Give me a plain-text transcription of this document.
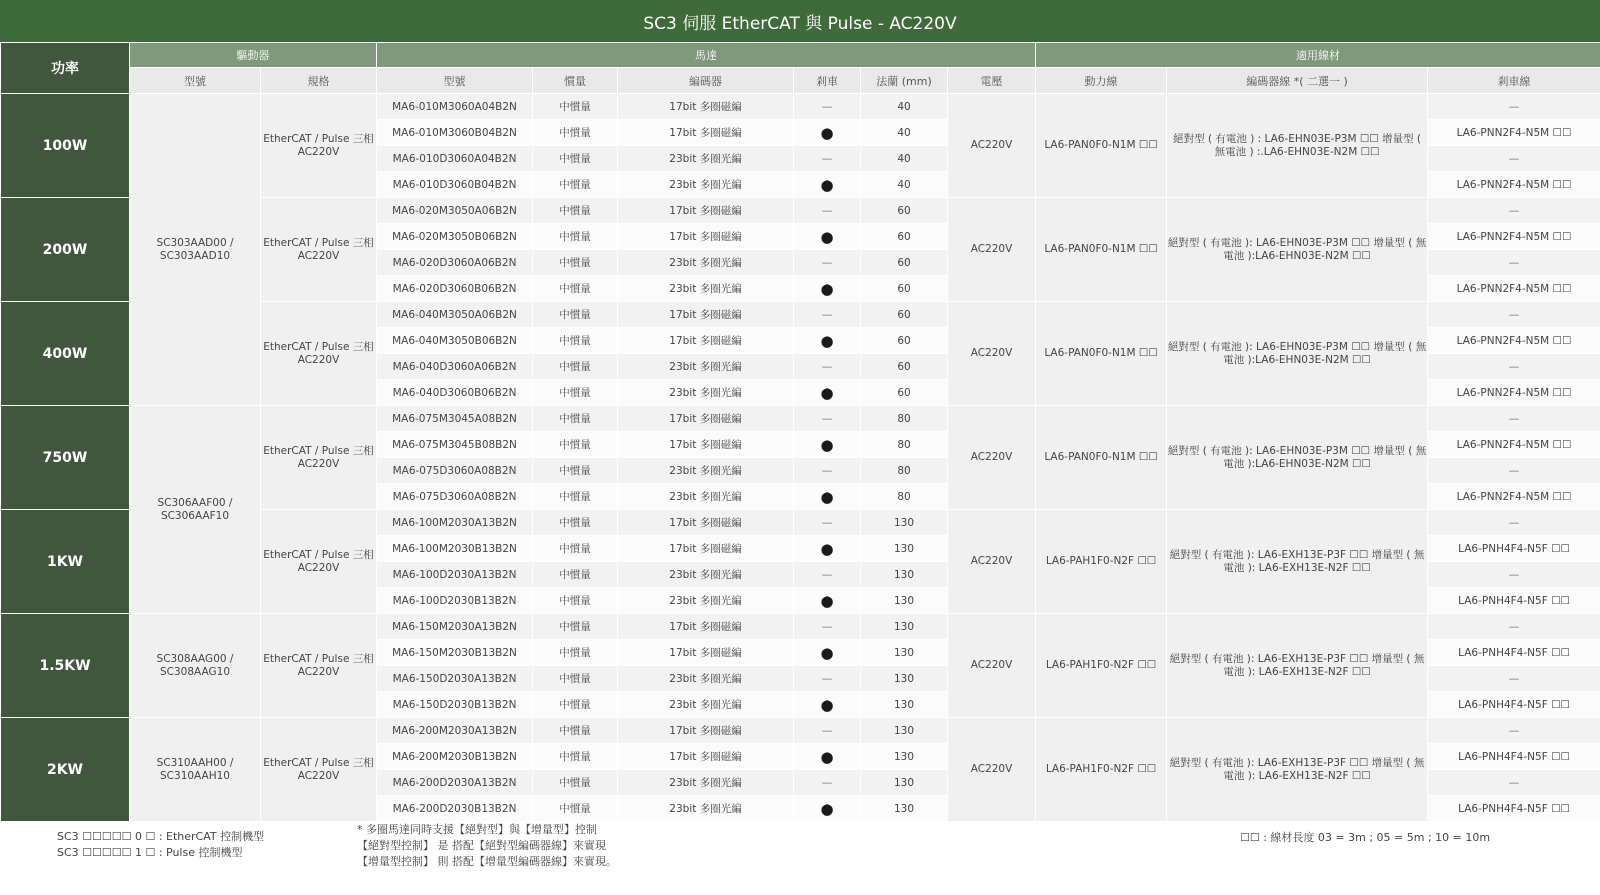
SC3 伺服 EtherCAT 與 Pulse - AC220V
功率	驅動器		馬達						適用線材		
	型號	規格	型號	慣量	編碼器	剎車	法蘭 (mm)	電壓	動力線	編碼器線 *( 二選一 )	剎車線
100W	SC303AAD00 / SC303AAD10	EtherCAT / Pulse 三相 AC220V	MA6-010M3060A04B2N	中慣量	17bit 多圈磁編	—	40	AC220V	LA6-PAN0F0-N1M ☐☐	絕對型 ( 有電池 ) : LA6-EHN03E-P3M ☐☐ 增量型 ( 無電池 ) :.LA6-EHN03E-N2M ☐☐	—
			MA6-010M3060B04B2N	中慣量	17bit 多圈磁編	●	40				LA6-PNN2F4-N5M ☐☐
			MA6-010D3060A04B2N	中慣量	23bit 多圈光編	—	40				—
			MA6-010D3060B04B2N	中慣量	23bit 多圈光編	●	40				LA6-PNN2F4-N5M ☐☐
200W		EtherCAT / Pulse 三相 AC220V	MA6-020M3050A06B2N	中慣量	17bit 多圈磁編	—	60	AC220V	LA6-PAN0F0-N1M ☐☐	絕對型 ( 有電池 ): LA6-EHN03E-P3M ☐☐ 增量型 ( 無電池 ):LA6-EHN03E-N2M ☐☐	—
			MA6-020M3050B06B2N	中慣量	17bit 多圈磁編	●	60				LA6-PNN2F4-N5M ☐☐
			MA6-020D3060A06B2N	中慣量	23bit 多圈光編	—	60				—
			MA6-020D3060B06B2N	中慣量	23bit 多圈光編	●	60				LA6-PNN2F4-N5M ☐☐
400W		EtherCAT / Pulse 三相 AC220V	MA6-040M3050A06B2N	中慣量	17bit 多圈磁編	—	60	AC220V	LA6-PAN0F0-N1M ☐☐	絕對型 ( 有電池 ): LA6-EHN03E-P3M ☐☐ 增量型 ( 無電池 ):LA6-EHN03E-N2M ☐☐	—
			MA6-040M3050B06B2N	中慣量	17bit 多圈磁編	●	60				LA6-PNN2F4-N5M ☐☐
			MA6-040D3060A06B2N	中慣量	23bit 多圈光編	—	60				—
			MA6-040D3060B06B2N	中慣量	23bit 多圈光編	●	60				LA6-PNN2F4-N5M ☐☐
750W	SC306AAF00 / SC306AAF10	EtherCAT / Pulse 三相 AC220V	MA6-075M3045A08B2N	中慣量	17bit 多圈磁編	—	80	AC220V	LA6-PAN0F0-N1M ☐☐	絕對型 ( 有電池 ): LA6-EHN03E-P3M ☐☐ 增量型 ( 無電池 ):LA6-EHN03E-N2M ☐☐	—
			MA6-075M3045B08B2N	中慣量	17bit 多圈磁編	●	80				LA6-PNN2F4-N5M ☐☐
			MA6-075D3060A08B2N	中慣量	23bit 多圈光編	—	80				—
			MA6-075D3060A08B2N	中慣量	23bit 多圈光編	●	80				LA6-PNN2F4-N5M ☐☐
1KW		EtherCAT / Pulse 三相 AC220V	MA6-100M2030A13B2N	中慣量	17bit 多圈磁編	—	130	AC220V	LA6-PAH1F0-N2F ☐☐	絕對型 ( 有電池 ): LA6-EXH13E-P3F ☐☐ 增量型 ( 無電池 ): LA6-EXH13E-N2F ☐☐	—
			MA6-100M2030B13B2N	中慣量	17bit 多圈磁編	●	130				LA6-PNH4F4-N5F ☐☐
			MA6-100D2030A13B2N	中慣量	23bit 多圈光編	—	130				—
			MA6-100D2030B13B2N	中慣量	23bit 多圈光編	●	130				LA6-PNH4F4-N5F ☐☐
1.5KW	SC308AAG00 / SC308AAG10	EtherCAT / Pulse 三相 AC220V	MA6-150M2030A13B2N	中慣量	17bit 多圈磁編	—	130	AC220V	LA6-PAH1F0-N2F ☐☐	絕對型 ( 有電池 ): LA6-EXH13E-P3F ☐☐ 增量型 ( 無電池 ): LA6-EXH13E-N2F ☐☐	—
			MA6-150M2030B13B2N	中慣量	17bit 多圈磁編	●	130				LA6-PNH4F4-N5F ☐☐
			MA6-150D2030A13B2N	中慣量	23bit 多圈光編	—	130				—
			MA6-150D2030B13B2N	中慣量	23bit 多圈光編	●	130				LA6-PNH4F4-N5F ☐☐
2KW	SC310AAH00 / SC310AAH10	EtherCAT / Pulse 三相 AC220V	MA6-200M2030A13B2N	中慣量	17bit 多圈磁編	—	130	AC220V	LA6-PAH1F0-N2F ☐☐	絕對型 ( 有電池 ): LA6-EXH13E-P3F ☐☐ 增量型 ( 無電池 ): LA6-EXH13E-N2F ☐☐	—
			MA6-200M2030B13B2N	中慣量	17bit 多圈磁編	●	130				LA6-PNH4F4-N5F ☐☐
			MA6-200D2030A13B2N	中慣量	23bit 多圈光編	—	130				—
			MA6-200D2030B13B2N	中慣量	23bit 多圈光編	●	130				LA6-PNH4F4-N5F ☐☐
SC3 ☐☐☐☐☐ 0 ☐ : EtherCAT 控制機型
SC3 ☐☐☐☐☐ 1 ☐ : Pulse 控制機型
* 多圈馬達同時支援【絕對型】與【增量型】控制
【絕對型控制】 是 搭配【絕對型編碼器線】來實現
【增量型控制】 則 搭配【增量型編碼器線】來實現。
☐☐ : 線材長度 03 = 3m ; 05 = 5m ; 10 = 10m
